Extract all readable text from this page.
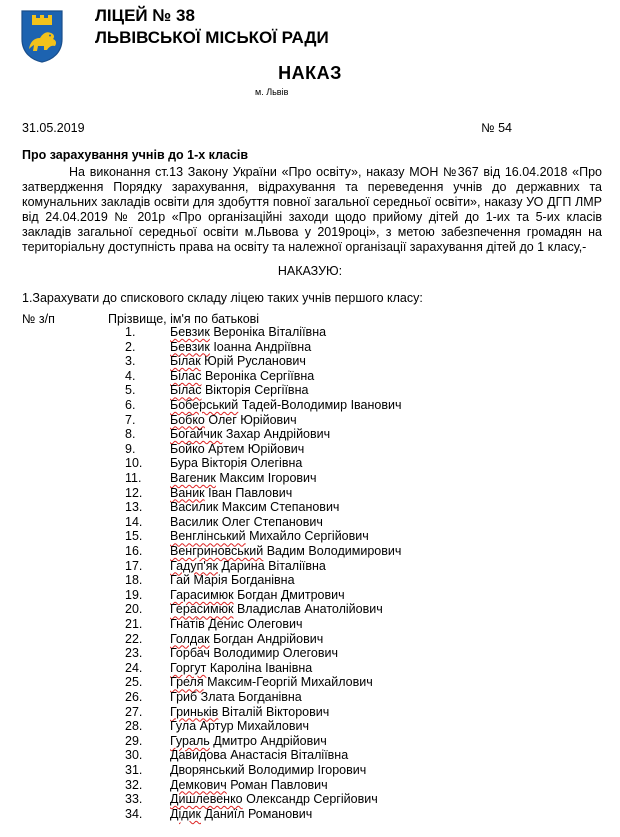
ЛІЦЕЙ № 38
ЛЬВІВСЬКОЇ МІСЬКОЇ РАДИ
НАКАЗ
м. Львів
31.05.2019	№ 54
Про зарахування учнів до 1-х класів
На виконання ст.13 Закону України «Про освіту», наказу МОН №367 від 16.04.2018 «Про
затвердження Порядку зарахування, відрахування та переведення учнів до державних та
комунальних закладів освіти для здобуття повної загальної середньої освіти», наказу УО ДГП ЛМР
від 24.04.2019 № 201р «Про організаційні заходи щодо прийому дітей до 1-их та 5-их класів
закладів загальної середньої освіти м.Львова у 2019році», з метою забезпечення громадян на
територіальну доступність права на освіту та належної організації зарахування дітей до 1 класу,-
НАКАЗУЮ:
1.Зарахувати до спискового складу ліцею таких учнів першого класу:
№ з/п	Прізвище, ім'я по батькові
1.	Бевзик Вероніка Віталіївна
2.	Бевзик Іоанна Андріївна
3.	Білак Юрій Русланович
4.	Білас Вероніка Сергіївна
5.	Білас Вікторія Сергіївна
6.	Боберський Тадей-Володимир Іванович
7.	Бобко Олег Юрійович
8.	Богайчик Захар Андрійович
9.	Бойко Артем Юрійович
10. Бура Вікторія Олегівна
11. Вагеник Максим Ігорович
12. Ваник Іван Павлович
13. Василик Максим Степанович
14. Василик Олег Степанович
15. Венглінський Михайло Сергійович
16. Венгриновський Вадим Володимирович
17. Гадуп'як Дарина Віталіївна
18. Гай Марія Богданівна
19. Гарасимюк Богдан Дмитрович
20. Герасимюк Владислав Анатолійович
21. Гнатів Денис Олегович
22. Голдак Богдан Андрійович
23. Горбач Володимир Олегович
24. Горгут Кароліна Іванівна
25. Греля Максим-Георгій Михайлович
26. Гриб Злата Богданівна
27. Гриньків Віталій Вікторович
28. Гула Артур Михайлович
29. Гураль Дмитро Андрійович
30. Давидова Анастасія Віталіївна
31. Дворянський Володимир Ігорович
32. Демкович Роман Павлович
33. Дишлевенко Олександр Сергійович
34. Дідик Даниїл Романович
